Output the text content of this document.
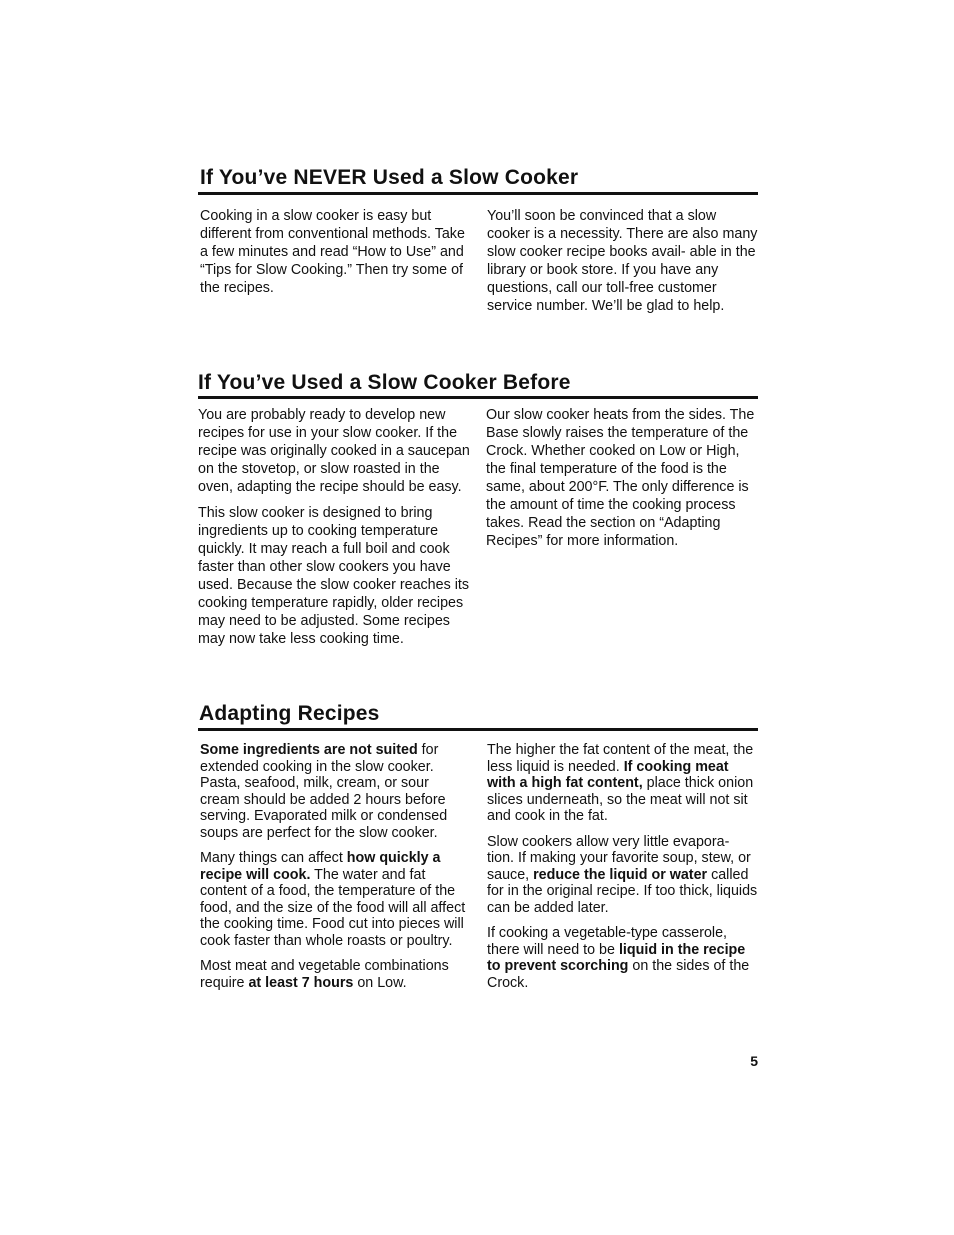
If You’ve NEVER Used a Slow Cooker

Cooking in a slow cooker is easy but different from conventional methods. Take a few minutes and read “How to Use” and “Tips for Slow Cooking.” Then try some of the recipes.

You’ll soon be convinced that a slow cooker is a necessity. There are also many slow cooker recipe books avail- able in the library or book store. If you have any questions, call our toll-free customer service number. We’ll be glad to help.

If You’ve Used a Slow Cooker Before

You are probably ready to develop new recipes for use in your slow cooker. If the recipe was originally cooked in a saucepan on the stovetop, or slow roasted in the oven, adapting the recipe should be easy.

This slow cooker is designed to bring ingredients up to cooking temperature quickly. It may reach a full boil and cook faster than other slow cookers you have used. Because the slow cooker reaches its cooking temperature rapidly, older recipes may need to be adjusted. Some recipes may now take less cooking time.

Our slow cooker heats from the sides. The Base slowly raises the temperature of the Crock. Whether cooked on Low or High, the final temperature of the food is the same, about 200°F. The only difference is the amount of time the cooking process takes. Read the section on “Adapting Recipes” for more information.

Adapting Recipes

Some ingredients are not suited for extended cooking in the slow cooker. Pasta, seafood, milk, cream, or sour cream should be added 2 hours before serving. Evaporated milk or condensed soups are perfect for the slow cooker.

Many things can affect how quickly a recipe will cook. The water and fat content of a food, the temperature of the food, and the size of the food will all affect the cooking time. Food cut into pieces will cook faster than whole roasts or poultry.

Most meat and vegetable combinations require at least 7 hours on Low.

The higher the fat content of the meat, the less liquid is needed. If cooking meat with a high fat content, place thick onion slices underneath, so the meat will not sit and cook in the fat.

Slow cookers allow very little evapora- tion. If making your favorite soup, stew, or sauce, reduce the liquid or water called for in the original recipe. If too thick, liquids can be added later.

If cooking a vegetable-type casserole, there will need to be liquid in the recipe to prevent scorching on the sides of the Crock.

5
